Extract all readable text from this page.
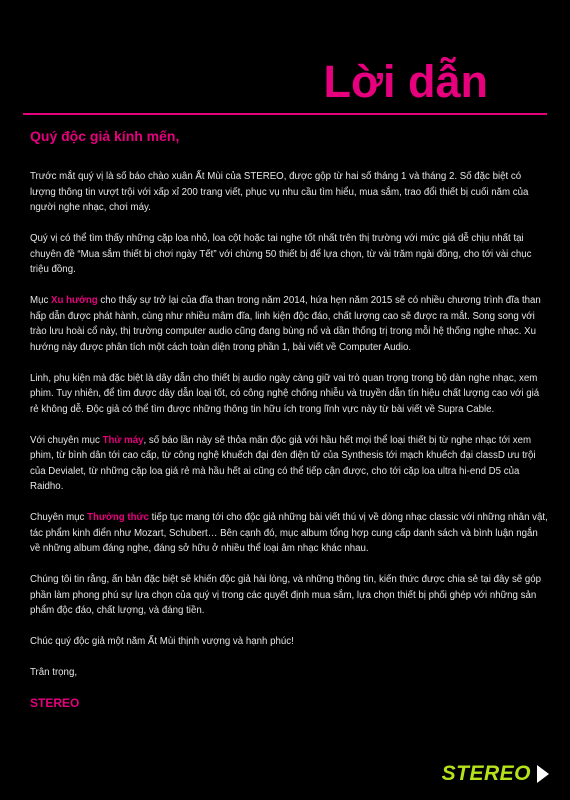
Lời dẫn

Quý độc giả kính mến,

Trước mắt quý vị là số báo chào xuân Ất Mùi của STEREO, được gộp từ hai số tháng 1 và tháng 2. Số đặc biệt có lượng thông tin vượt trội với xấp xỉ 200 trang viết, phục vụ nhu cầu tìm hiểu, mua sắm, trao đổi thiết bị cuối năm của người nghe nhạc, chơi máy.

Quý vị có thể tìm thấy những cặp loa nhỏ, loa cột hoặc tai nghe tốt nhất trên thị trường với mức giá dễ chịu nhất tại chuyên đề “Mua sắm thiết bị chơi ngày Tết” với chừng 50 thiết bị để lựa chọn, từ vài trăm ngài đồng, cho tới vài chục triệu đồng.

Mục Xu hướng cho thấy sự trở lại của đĩa than trong năm 2014, hứa hẹn năm 2015 sẽ có nhiều chương trình đĩa than hấp dẫn được phát hành, cùng như nhiều mâm đĩa, linh kiện độc đáo, chất lượng cao sẽ được ra mắt. Song song với trào lưu hoài cổ này, thị trường computer audio cũng đang bùng nổ và dần thống trị trong mỗi hệ thống nghe nhạc. Xu hướng này được phân tích một cách toàn diện trong phần 1, bài viết về Computer Audio.

Linh, phụ kiện mà đặc biệt là dây dẫn cho thiết bị audio ngày càng giữ vai trò quan trọng trong bộ dàn nghe nhạc, xem phim. Tuy nhiên, để tìm được dây dẫn loại tốt, có công nghệ chống nhiễu và truyền dẫn tín hiệu chất lượng cao với giá rẻ không dễ. Độc giả có thể tìm được những thông tin hữu ích trong lĩnh vực này từ bài viết về Supra Cable.

Với chuyên mục Thử máy, số báo lần này sẽ thỏa mãn độc giả với hầu hết mọi thể loại thiết bị từ nghe nhạc tới xem phim, từ bình dân tới cao cấp, từ công nghệ khuếch đại đèn điện tử của Synthesis tới mạch khuếch đại classD ưu trội của Devialet, từ những cặp loa giá rẻ mà hầu hết ai cũng có thể tiếp cận được, cho tới cặp loa ultra hi-end D5 của Raidho.

Chuyên mục Thưởng thức tiếp tục mang tới cho độc giả những bài viết thú vị về dòng nhạc classic với những nhân vật, tác phẩm kinh điển như Mozart, Schubert… Bên cạnh đó, mục album tổng hợp cung cấp danh sách và bình luận ngắn về những album đáng nghe, đáng sở hữu ở nhiều thể loại âm nhạc khác nhau.

Chúng tôi tin rằng, ấn bản đặc biệt sẽ khiến độc giả hài lòng, và những thông tin, kiến thức được chia sẻ tại đây sẽ góp phần làm phong phú sự lựa chọn của quý vị trong các quyết định mua sắm, lựa chọn thiết bị phối ghép với những sản phẩm độc đáo, chất lượng, và đáng tiền.

Chúc quý độc giả một năm Ất Mùi thịnh vượng và hạnh phúc!

Trân trọng,

STEREO

STEREO
